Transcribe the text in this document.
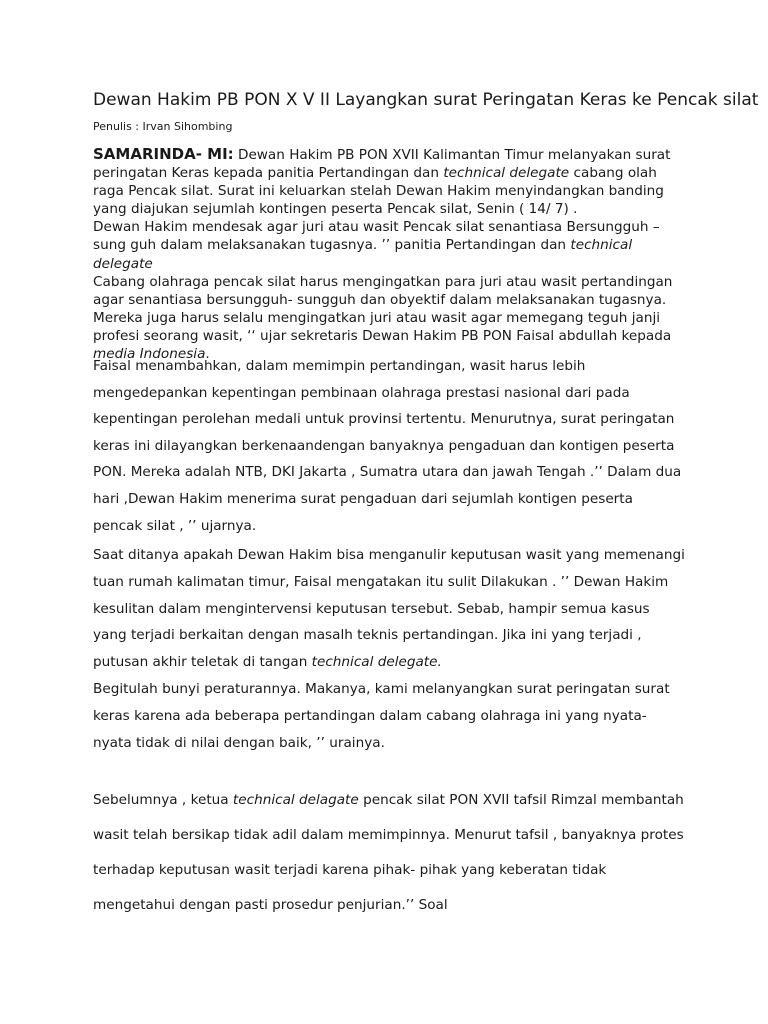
Dewan Hakim PB PON X V II Layangkan surat Peringatan Keras ke Pencak silat
Penulis : Irvan Sihombing

SAMARINDA- MI: Dewan Hakim PB PON XVII Kalimantan Timur melanyakan surat peringatan Keras kepada panitia Pertandingan dan technical delegate cabang olah raga Pencak silat. Surat ini keluarkan stelah Dewan Hakim menyindangkan banding yang diajukan sejumlah kontingen peserta Pencak silat, Senin ( 14/ 7) .

Dewan Hakim mendesak agar juri atau wasit Pencak silat senantiasa Bersungguh – sung guh dalam melaksanakan tugasnya. ’’ panitia Pertandingan dan technical delegate

Cabang olahraga pencak silat harus mengingatkan para juri atau wasit pertandingan agar senantiasa bersungguh- sungguh dan obyektif dalam melaksanakan tugasnya. Mereka juga harus selalu mengingatkan juri atau wasit agar memegang teguh janji profesi seorang wasit, ‘‘ ujar sekretaris Dewan Hakim PB PON Faisal abdullah kepada media Indonesia.

Faisal menambahkan, dalam memimpin pertandingan, wasit harus lebih mengedepankan kepentingan pembinaan olahraga prestasi nasional dari pada kepentingan perolehan medali untuk provinsi tertentu. Menurutnya, surat peringatan keras ini dilayangkan berkenaandengan banyaknya pengaduan dan kontigen peserta PON. Mereka adalah NTB, DKI Jakarta , Sumatra utara dan jawah Tengah .’’ Dalam dua hari ,Dewan Hakim menerima surat pengaduan dari sejumlah kontigen peserta pencak silat , ’’ ujarnya.

Saat ditanya apakah Dewan Hakim bisa menganulir keputusan wasit yang memenangi tuan rumah kalimatan timur, Faisal mengatakan itu sulit Dilakukan . ’’ Dewan Hakim kesulitan dalam mengintervensi keputusan tersebut. Sebab, hampir semua kasus yang terjadi berkaitan dengan masalh teknis pertandingan. Jika ini yang terjadi , putusan akhir teletak di tangan technical delegate.

Begitulah bunyi peraturannya. Makanya, kami melanyangkan surat peringatan surat keras karena ada beberapa pertandingan dalam cabang olahraga ini yang nyata- nyata tidak di nilai dengan baik, ’’ urainya.

Sebelumnya , ketua technical delagate pencak silat PON XVII tafsil Rimzal membantah wasit telah bersikap tidak adil dalam memimpinnya. Menurut tafsil , banyaknya protes terhadap keputusan wasit terjadi karena pihak- pihak yang keberatan tidak mengetahui dengan pasti prosedur penjurian.’’ Soal
